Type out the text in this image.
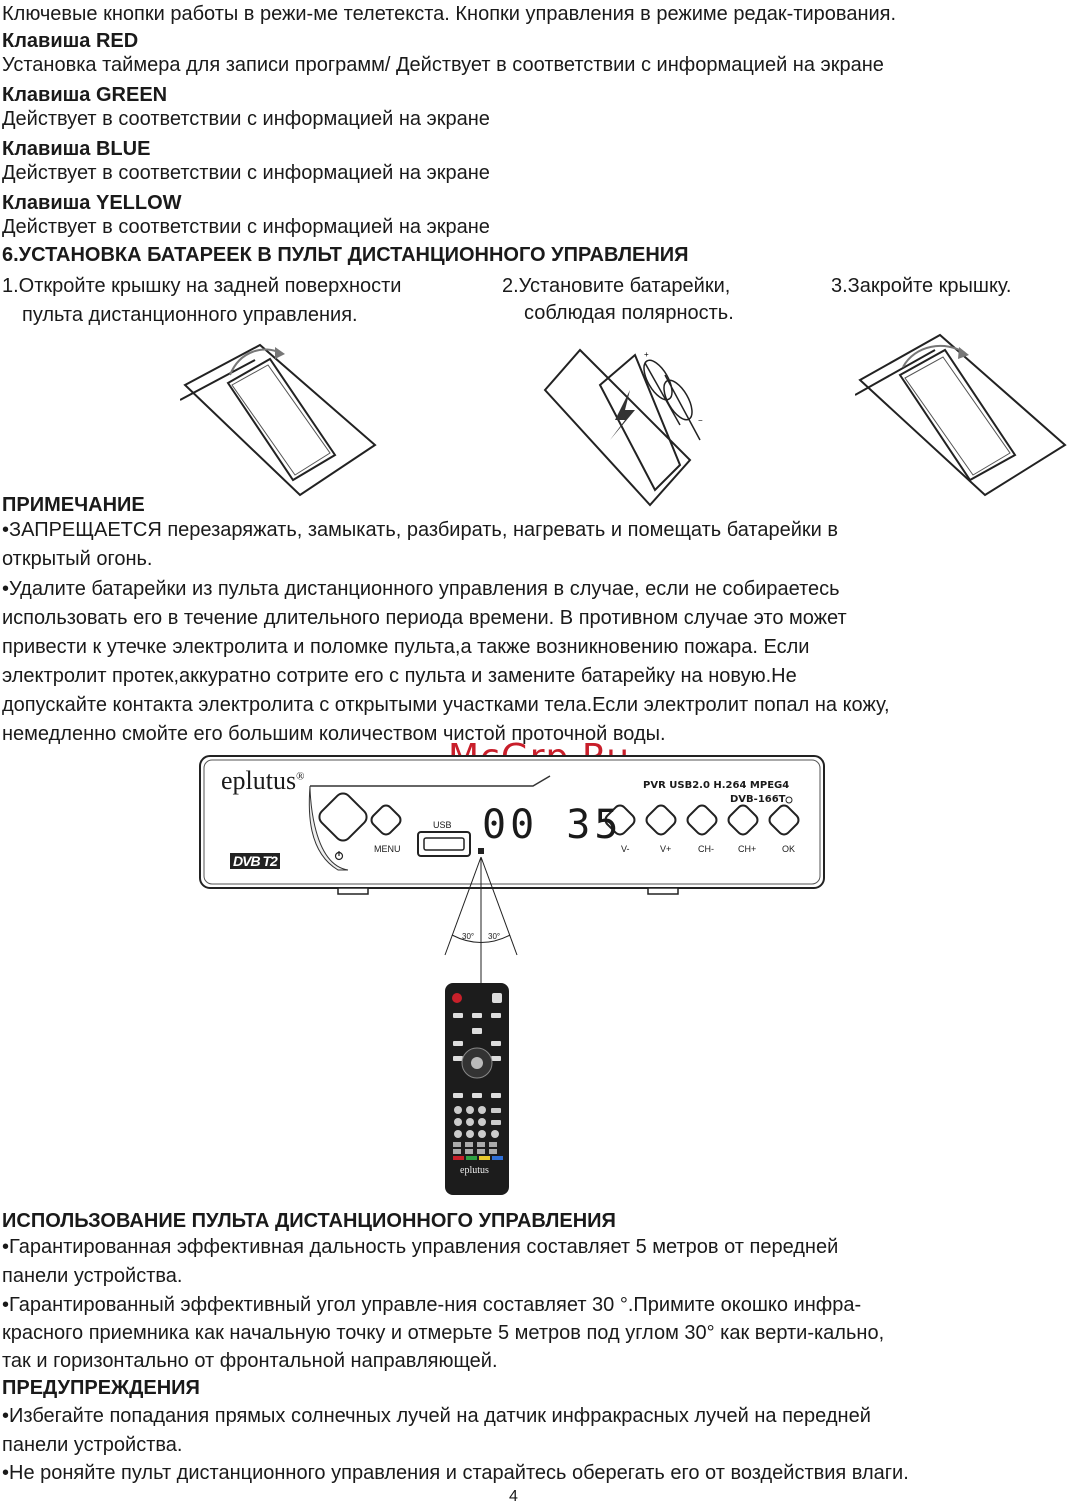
Ключевые кнопки работы в режи-ме телетекста. Кнопки управления в режиме редак-тирования.
Клавиша RED
Установка таймера для записи программ/ Действует в соответствии с информацией на экране
Клавиша GREEN
Действует в соответствии с информацией на экране
Клавиша BLUE
Действует в соответствии с информацией на экране
Клавиша YELLOW
Действует в соответствии с информацией на экране
6.УСТАНОВКА БАТАРЕЕК В ПУЛЬТ ДИСТАНЦИОННОГО УПРАВЛЕНИЯ
1.Откройте крышку на задней поверхности
пульта дистанционного управления.
2.Установите батарейки,
соблюдая полярность.
3.Закройте крышку.
+
−
ПРИМЕЧАНИЕ
•ЗАПРЕЩАЕТСЯ перезаряжать, замыкать, разбирать, нагревать и помещать батарейки в
открытый огонь.
•Удалите батарейки из пульта дистанционного управления в случае, если не собираетесь
использовать его в течение длительного периода времени. В противном случае это может
привести к утечке электролита и поломке пульта,а также возникновению пожара. Если
электролит протек,аккуратно сотрите его с пульта и замените батарейку на новую.Не
допускайте контакта электролита с открытыми участками тела.Если электролит попал на кожу,
немедленно смойте его большим количеством чистой проточной воды.
eplutus®
PVR USB2.0 H.264 MPEG4
DVB-166T
DVB T2
00 35
USB
MENU	V-	V+	CH-	CH+	OK
30° 30°
eplutus
ИСПОЛЬЗОВАНИЕ ПУЛЬТА ДИСТАНЦИОННОГО УПРАВЛЕНИЯ
•Гарантированная эффективная дальность управления составляет 5 метров от передней
панели устройства.
•Гарантированный эффективный угол управле-ния составляет 30 °.Примите окошко инфра-
красного приемника как начальную точку и отмерьте 5 метров под углом 30° как верти-кально,
так и горизонтально от фронтальной направляющей.
ПРЕДУПРЕЖДЕНИЯ
•Избегайте попадания прямых солнечных лучей на датчик инфракрасных лучей на передней
панели устройства.
•Не роняйте пульт дистанционного управления и старайтесь оберегать его от воздействия влаги.
4
